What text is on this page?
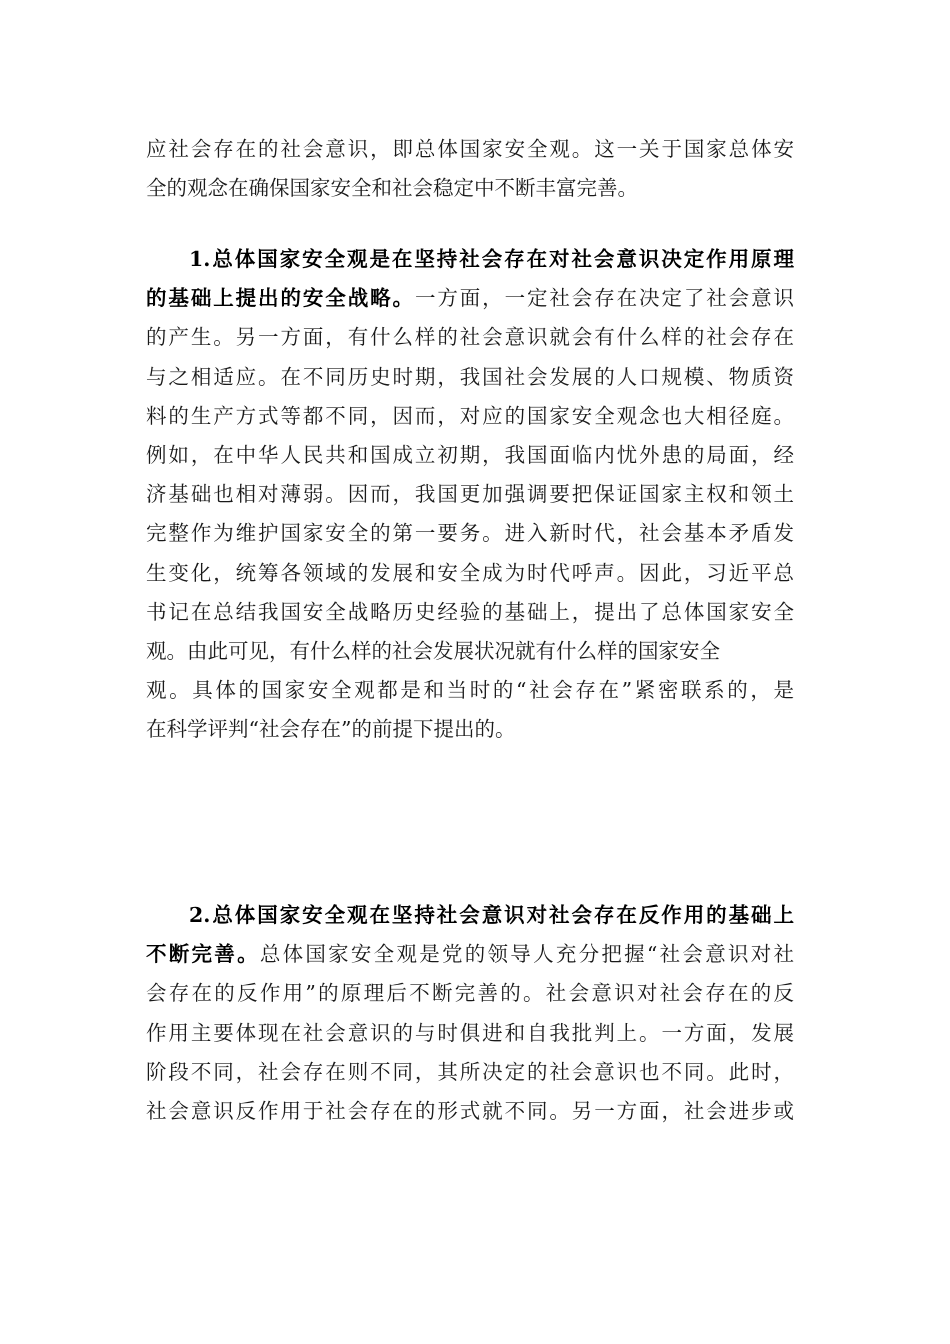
应社会存在的社会意识，即总体国家安全观。这一关于国家总体安
全的观念在确保国家安全和社会稳定中不断丰富完善。
1.总体国家安全观是在坚持社会存在对社会意识决定作用原理
的基础上提出的安全战略。一方面，一定社会存在决定了社会意识
的产生。另一方面，有什么样的社会意识就会有什么样的社会存在
与之相适应。在不同历史时期，我国社会发展的人口规模、物质资
料的生产方式等都不同，因而，对应的国家安全观念也大相径庭。
例如，在中华人民共和国成立初期，我国面临内忧外患的局面，经
济基础也相对薄弱。因而，我国更加强调要把保证国家主权和领土
完整作为维护国家安全的第一要务。进入新时代，社会基本矛盾发
生变化，统筹各领域的发展和安全成为时代呼声。因此，习近平总
书记在总结我国安全战略历史经验的基础上，提出了总体国家安全
观。由此可见，有什么样的社会发展状况就有什么样的国家安全
观。具体的国家安全观都是和当时的“社会存在”紧密联系的，是
在科学评判“社会存在”的前提下提出的。
2.总体国家安全观在坚持社会意识对社会存在反作用的基础上
不断完善。总体国家安全观是党的领导人充分把握“社会意识对社
会存在的反作用”的原理后不断完善的。社会意识对社会存在的反
作用主要体现在社会意识的与时俱进和自我批判上。一方面，发展
阶段不同，社会存在则不同，其所决定的社会意识也不同。此时，
社会意识反作用于社会存在的形式就不同。另一方面，社会进步或
